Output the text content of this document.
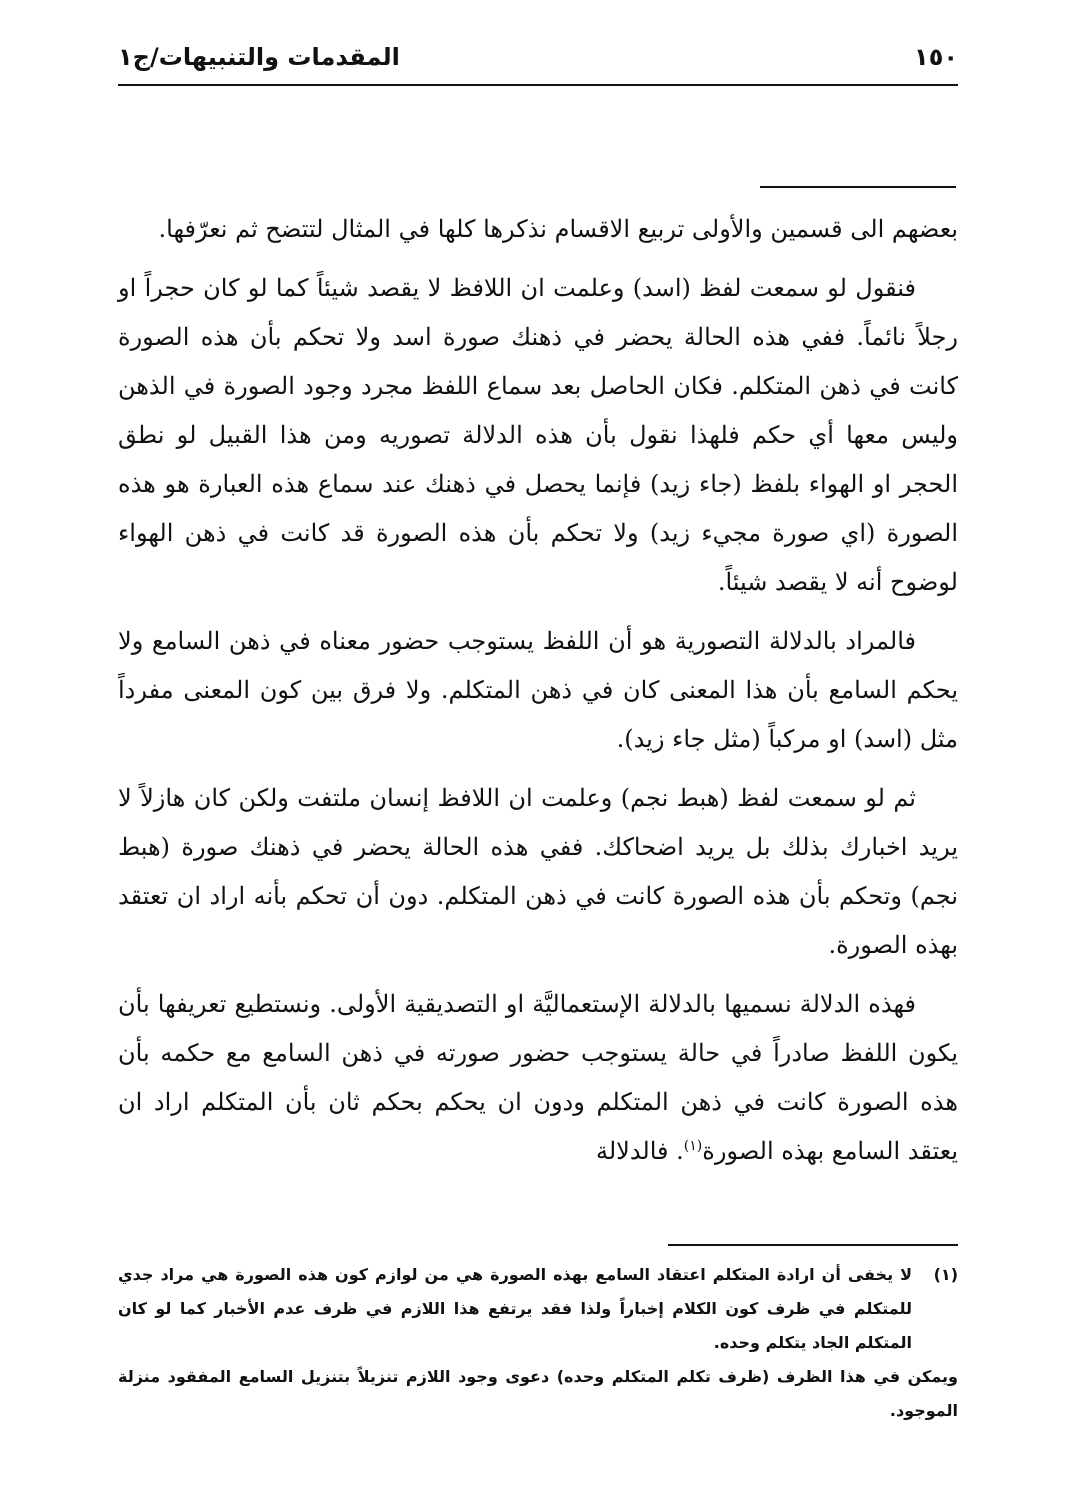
المقدمات والتنبيهات/ج١	١٥٠

بعضهم الى قسمين والأولى تربيع الاقسام نذكرها كلها في المثال لتتضح ثم نعرّفها.

فنقول لو سمعت لفظ (اسد) وعلمت ان اللافظ لا يقصد شيئاً كما لو كان حجراً او رجلاً نائماً. ففي هذه الحالة يحضر في ذهنك صورة اسد ولا تحكم بأن هذه الصورة كانت في ذهن المتكلم. فكان الحاصل بعد سماع اللفظ مجرد وجود الصورة في الذهن وليس معها أي حكم فلهذا نقول بأن هذه الدلالة تصوريه ومن هذا القبيل لو نطق الحجر او الهواء بلفظ (جاء زيد) فإنما يحصل في ذهنك عند سماع هذه العبارة هو هذه الصورة (اي صورة مجيء زيد) ولا تحكم بأن هذه الصورة قد كانت في ذهن الهواء لوضوح أنه لا يقصد شيئاً.

فالمراد بالدلالة التصورية هو أن اللفظ يستوجب حضور معناه في ذهن السامع ولا يحكم السامع بأن هذا المعنى كان في ذهن المتكلم. ولا فرق بين كون المعنى مفرداً مثل (اسد) او مركباً (مثل جاء زيد).

ثم لو سمعت لفظ (هبط نجم) وعلمت ان اللافظ إنسان ملتفت ولكن كان هازلاً لا يريد اخبارك بذلك بل يريد اضحاكك. ففي هذه الحالة يحضر في ذهنك صورة (هبط نجم) وتحكم بأن هذه الصورة كانت في ذهن المتكلم. دون أن تحكم بأنه اراد ان تعتقد بهذه الصورة.

فهذه الدلالة نسميها بالدلالة الإستعماليَّة او التصديقية الأولى. ونستطيع تعريفها بأن يكون اللفظ صادراً في حالة يستوجب حضور صورته في ذهن السامع مع حكمه بأن هذه الصورة كانت في ذهن المتكلم ودون ان يحكم بحكم ثان بأن المتكلم اراد ان يعتقد السامع بهذه الصورة$^{(١)}$. فالدلالة

(١)

لا يخفى أن ارادة المتكلم اعتقاد السامع بهذه الصورة هي من لوازم كون هذه الصورة هي مراد جدي للمتكلم في ظرف كون الكلام إخباراً ولذا فقد يرتفع هذا اللازم في ظرف عدم الأخبار كما لو كان المتكلم الجاد يتكلم وحده.

ويمكن في هذا الظرف (ظرف تكلم المتكلم وحده) دعوى وجود اللازم تنزيلاً بتنزيل السامع المفقود منزلة الموجود.
